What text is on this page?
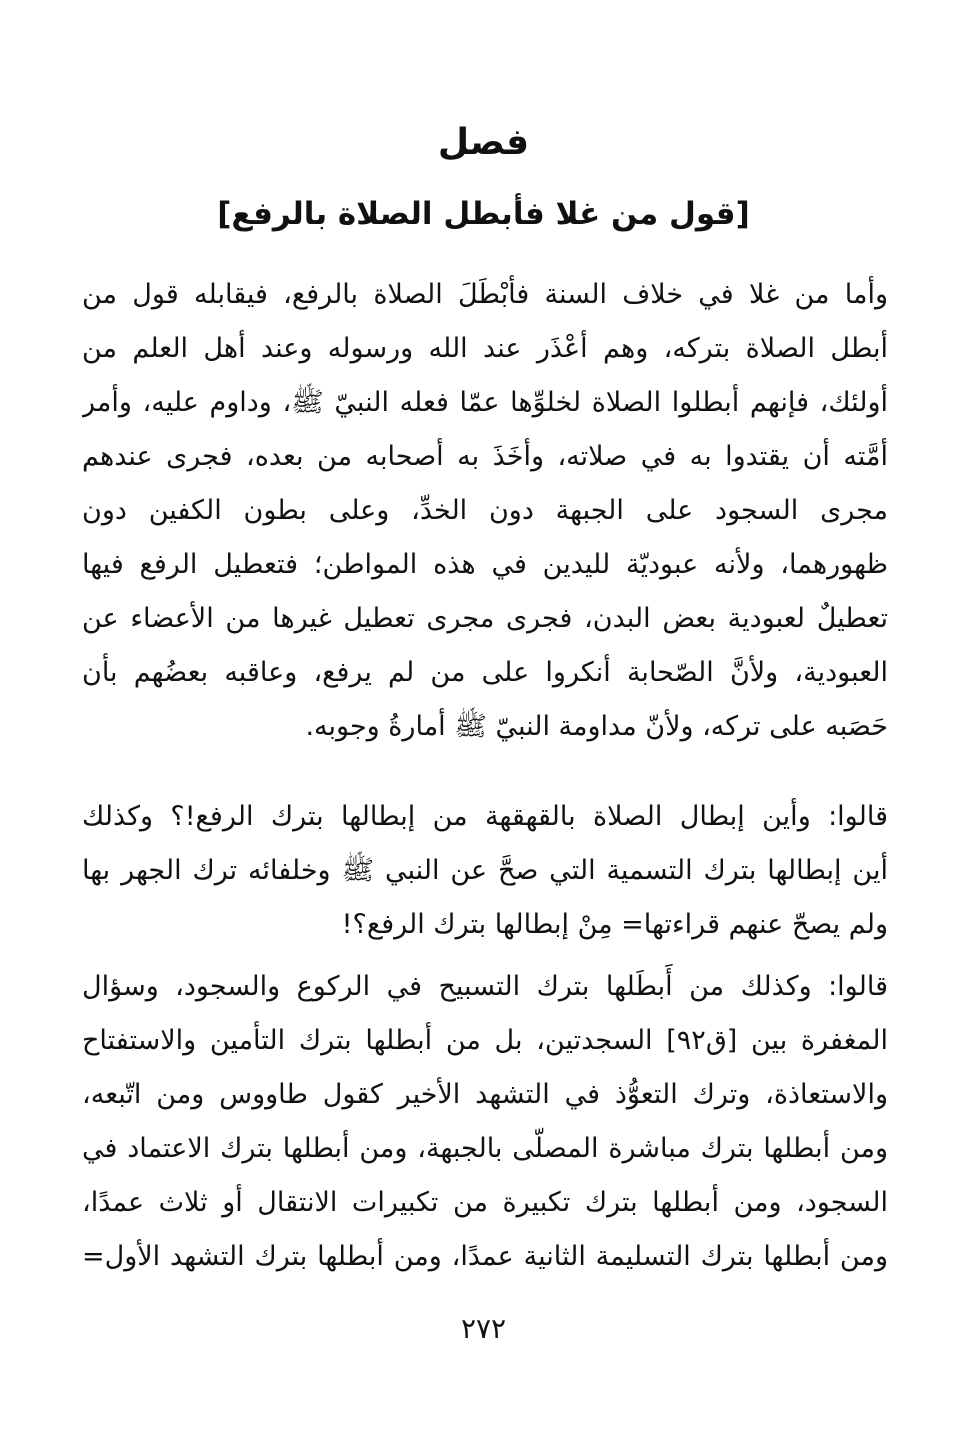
فصل
[قول من غلا فأبطل الصلاة بالرفع]
وأما من غلا في خلاف السنة فأبْطَلَ الصلاة بالرفع، فيقابله قول من
أبطل الصلاة بتركه، وهم أعْذَر عند الله ورسوله وعند أهل العلم من
أولئك، فإنهم أبطلوا الصلاة لخلوِّها عمّا فعله النبيّ ﷺ، وداوم عليه، وأمر
أمَّته أن يقتدوا به في صلاته، وأخَذَ به أصحابه من بعده، فجرى عندهم
مجرى السجود على الجبهة دون الخدِّ، وعلى بطون الكفين دون
ظهورهما، ولأنه عبوديّة لليدين في هذه المواطن؛ فتعطيل الرفع فيها
تعطيلٌ لعبودية بعض البدن، فجرى مجرى تعطيل غيرها من الأعضاء عن
العبودية، ولأنَّ الصّحابة أنكروا على من لم يرفع، وعاقبه بعضُهم بأن
حَصَبه على تركه، ولأنّ مداومة النبيّ ﷺ أمارةُ وجوبه.
قالوا: وأين إبطال الصلاة بالقهقهة من إبطالها بترك الرفع!؟ وكذلك
أين إبطالها بترك التسمية التي صحَّ عن النبي ﷺ وخلفائه ترك الجهر بها
ولم يصحّ عنهم قراءتها= مِنْ إبطالها بترك الرفع؟!
قالوا: وكذلك من أَبطَلها بترك التسبيح في الركوع والسجود، وسؤال
المغفرة بين [ق٩٢] السجدتين، بل من أبطلها بترك التأمين والاستفتاح
والاستعاذة، وترك التعوُّذ في التشهد الأخير كقول طاووس ومن اتّبعه،
ومن أبطلها بترك مباشرة المصلّى بالجبهة، ومن أبطلها بترك الاعتماد في
السجود، ومن أبطلها بترك تكبيرة من تكبيرات الانتقال أو ثلاث عمدًا،
ومن أبطلها بترك التسليمة الثانية عمدًا، ومن أبطلها بترك التشهد الأول=
٢٧٢
